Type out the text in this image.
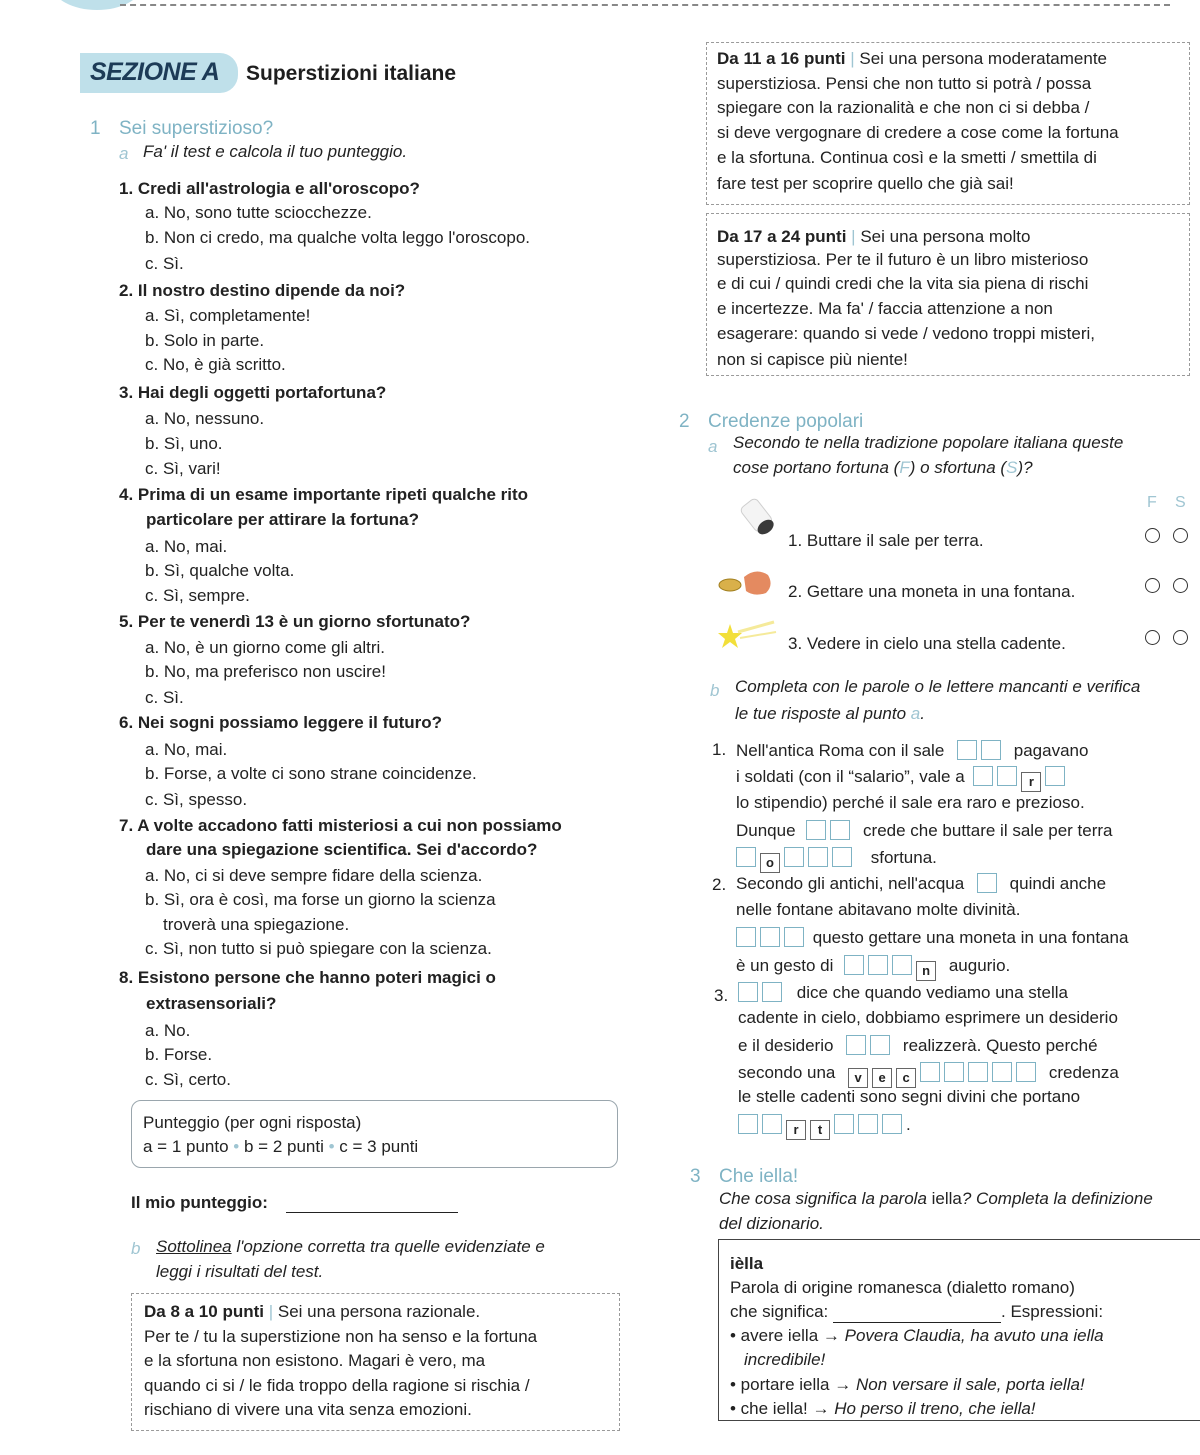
SEZIONE A Superstizioni italiane
1 Sei superstizioso?
a Fa' il test e calcola il tuo punteggio.
1. Credi all'astrologia e all'oroscopo?
a. No, sono tutte sciocchezze.
b. Non ci credo, ma qualche volta leggo l'oroscopo.
c. Sì.
2. Il nostro destino dipende da noi?
a. Sì, completamente!
b. Solo in parte.
c. No, è già scritto.
3. Hai degli oggetti portafortuna?
a. No, nessuno.
b. Sì, uno.
c. Sì, vari!
4. Prima di un esame importante ripeti qualche rito
particolare per attirare la fortuna?
a. No, mai.
b. Sì, qualche volta.
c. Sì, sempre.
5. Per te venerdì 13 è un giorno sfortunato?
a. No, è un giorno come gli altri.
b. No, ma preferisco non uscire!
c. Sì.
6. Nei sogni possiamo leggere il futuro?
a. No, mai.
b. Forse, a volte ci sono strane coincidenze.
c. Sì, spesso.
7. A volte accadono fatti misteriosi a cui non possiamo
dare una spiegazione scientifica. Sei d'accordo?
a. No, ci si deve sempre fidare della scienza.
b. Sì, ora è così, ma forse un giorno la scienza
troverà una spiegazione.
c. Sì, non tutto si può spiegare con la scienza.
8. Esistono persone che hanno poteri magici o
extrasensoriali?
a. No.
b. Forse.
c. Sì, certo.
Punteggio (per ogni risposta)
a = 1 punto • b = 2 punti • c = 3 punti
Il mio punteggio:
b Sottolinea l'opzione corretta tra quelle evidenziate e
leggi i risultati del test.
Da 8 a 10 punti | Sei una persona razionale.
Per te / tu la superstizione non ha senso e la fortuna
e la sfortuna non esistono. Magari è vero, ma
quando ci si / le fida troppo della ragione si rischia /
rischiano di vivere una vita senza emozioni.
Da 11 a 16 punti | Sei una persona moderatamente
superstiziosa. Pensi che non tutto si potrà / possa
spiegare con la razionalità e che non ci si debba /
si deve vergognare di credere a cose come la fortuna
e la sfortuna. Continua così e la smetti / smettila di
fare test per scoprire quello che già sai!
Da 17 a 24 punti | Sei una persona molto
superstiziosa. Per te il futuro è un libro misterioso
e di cui / quindi credi che la vita sia piena di rischi
e incertezze. Ma fa' / faccia attenzione a non
esagerare: quando si vede / vedono troppi misteri,
non si capisce più niente!
2 Credenze popolari
a Secondo te nella tradizione popolare italiana queste
cose portano fortuna (F) o sfortuna (S)?
F S
1. Buttare il sale per terra.
2. Gettare una moneta in una fontana.
3. Vedere in cielo una stella cadente.
b Completa con le parole o le lettere mancanti e verifica
le tue risposte al punto a.
1. Nell'antica Roma con il sale	pagavano
i soldati (con il “salario”, vale a	r
lo stipendio) perché il sale era raro e prezioso.
Dunque	crede che buttare il sale per terra
o	sfortuna.
2. Secondo gli antichi, nell'acqua	quindi anche
nelle fontane abitavano molte divinità.
questo gettare una moneta in una fontana
è un gesto di	n augurio.
3.	dice che quando vediamo una stella
cadente in cielo, dobbiamo esprimere un desiderio
e il desiderio	realizzerà. Questo perché
secondo una v e c	credenza
le stelle cadenti sono segni divini che portano
r t	.
3 Che iella!
Che cosa significa la parola iella? Completa la definizione
del dizionario.
ièlla
Parola di origine romanesca (dialetto romano)
che significa:	. Espressioni:
• avere iella → Povera Claudia, ha avuto una iella
incredibile!
• portare iella → Non versare il sale, porta iella!
• che iella! → Ho perso il treno, che iella!
